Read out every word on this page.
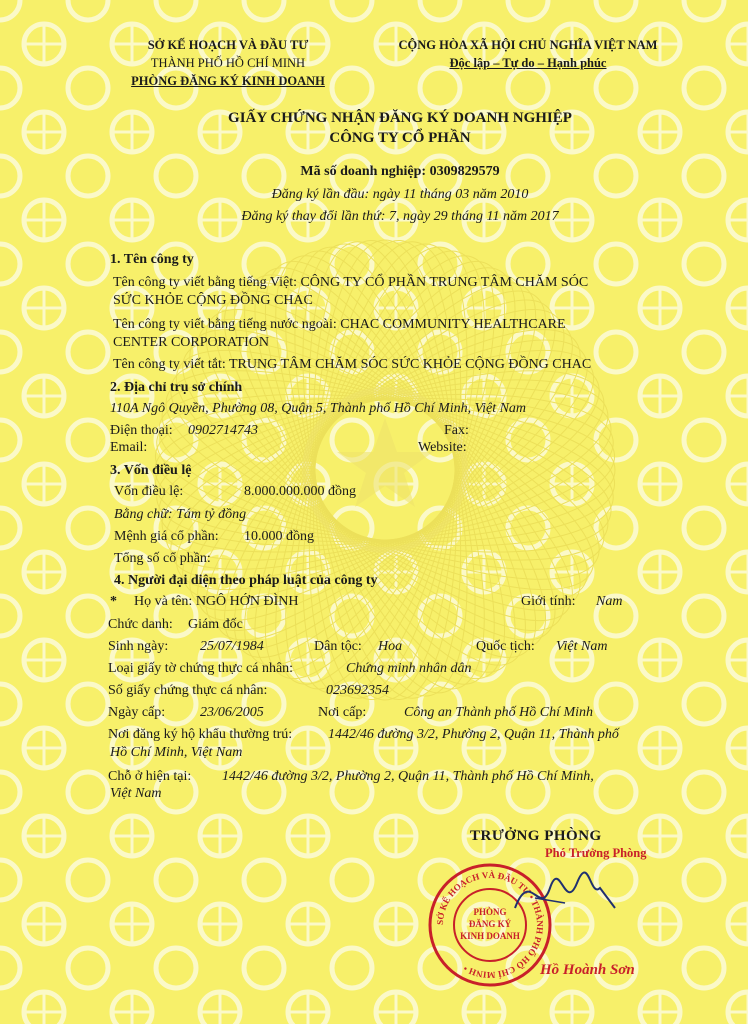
SỞ KẾ HOẠCH VÀ ĐẦU TƯ
THÀNH PHỐ HỒ CHÍ MINH
PHÒNG ĐĂNG KÝ KINH DOANH
CỘNG HÒA XÃ HỘI CHỦ NGHĨA VIỆT NAM
Độc lập – Tự do – Hạnh phúc
GIẤY CHỨNG NHẬN ĐĂNG KÝ DOANH NGHIỆP
CÔNG TY CỔ PHẦN
Mã số doanh nghiệp: 0309829579
Đăng ký lần đầu: ngày 11 tháng 03 năm 2010
Đăng ký thay đổi lần thứ: 7, ngày 29 tháng 11 năm 2017
1. Tên công ty
Tên công ty viết bằng tiếng Việt: CÔNG TY CỔ PHẦN TRUNG TÂM CHĂM SÓC
SỨC KHỎE CỘNG ĐỒNG CHAC
Tên công ty viết bằng tiếng nước ngoài: CHAC COMMUNITY HEALTHCARE
CENTER CORPORATION
Tên công ty viết tắt: TRUNG TÂM CHĂM SÓC SỨC KHỎE CỘNG ĐỒNG CHAC
2. Địa chỉ trụ sở chính
110A Ngô Quyền, Phường 08, Quận 5, Thành phố Hồ Chí Minh, Việt Nam
Điện thoại: 0902714743	Fax:
Email:	Website:
3. Vốn điều lệ
Vốn điều lệ:	8.000.000.000 đồng
Bằng chữ: Tám tỷ đồng
Mệnh giá cổ phần: 10.000 đồng
Tổng số cổ phần:
4. Người đại diện theo pháp luật của công ty
* Họ và tên: NGÔ HỚN ĐÌNH	Giới tính: Nam
Chức danh: Giám đốc
Sinh ngày: 25/07/1984	Dân tộc: Hoa	Quốc tịch: Việt Nam
Loại giấy tờ chứng thực cá nhân:	Chứng minh nhân dân
Số giấy chứng thực cá nhân:	023692354
Ngày cấp: 23/06/2005	Nơi cấp:	Công an Thành phố Hồ Chí Minh
Nơi đăng ký hộ khẩu thường trú:	1442/46 đường 3/2, Phường 2, Quận 11, Thành phố
Hồ Chí Minh, Việt Nam
Chỗ ở hiện tại: 1442/46 đường 3/2, Phường 2, Quận 11, Thành phố Hồ Chí Minh,
Việt Nam
TRƯỞNG PHÒNG
Phó Trưởng Phòng
SỞ KẾ HOẠCH VÀ ĐẦU TƯ • THÀNH PHỐ HỒ CHÍ MINH •
PHÒNG
ĐĂNG KÝ
KINH DOANH
Hồ Hoành Sơn
